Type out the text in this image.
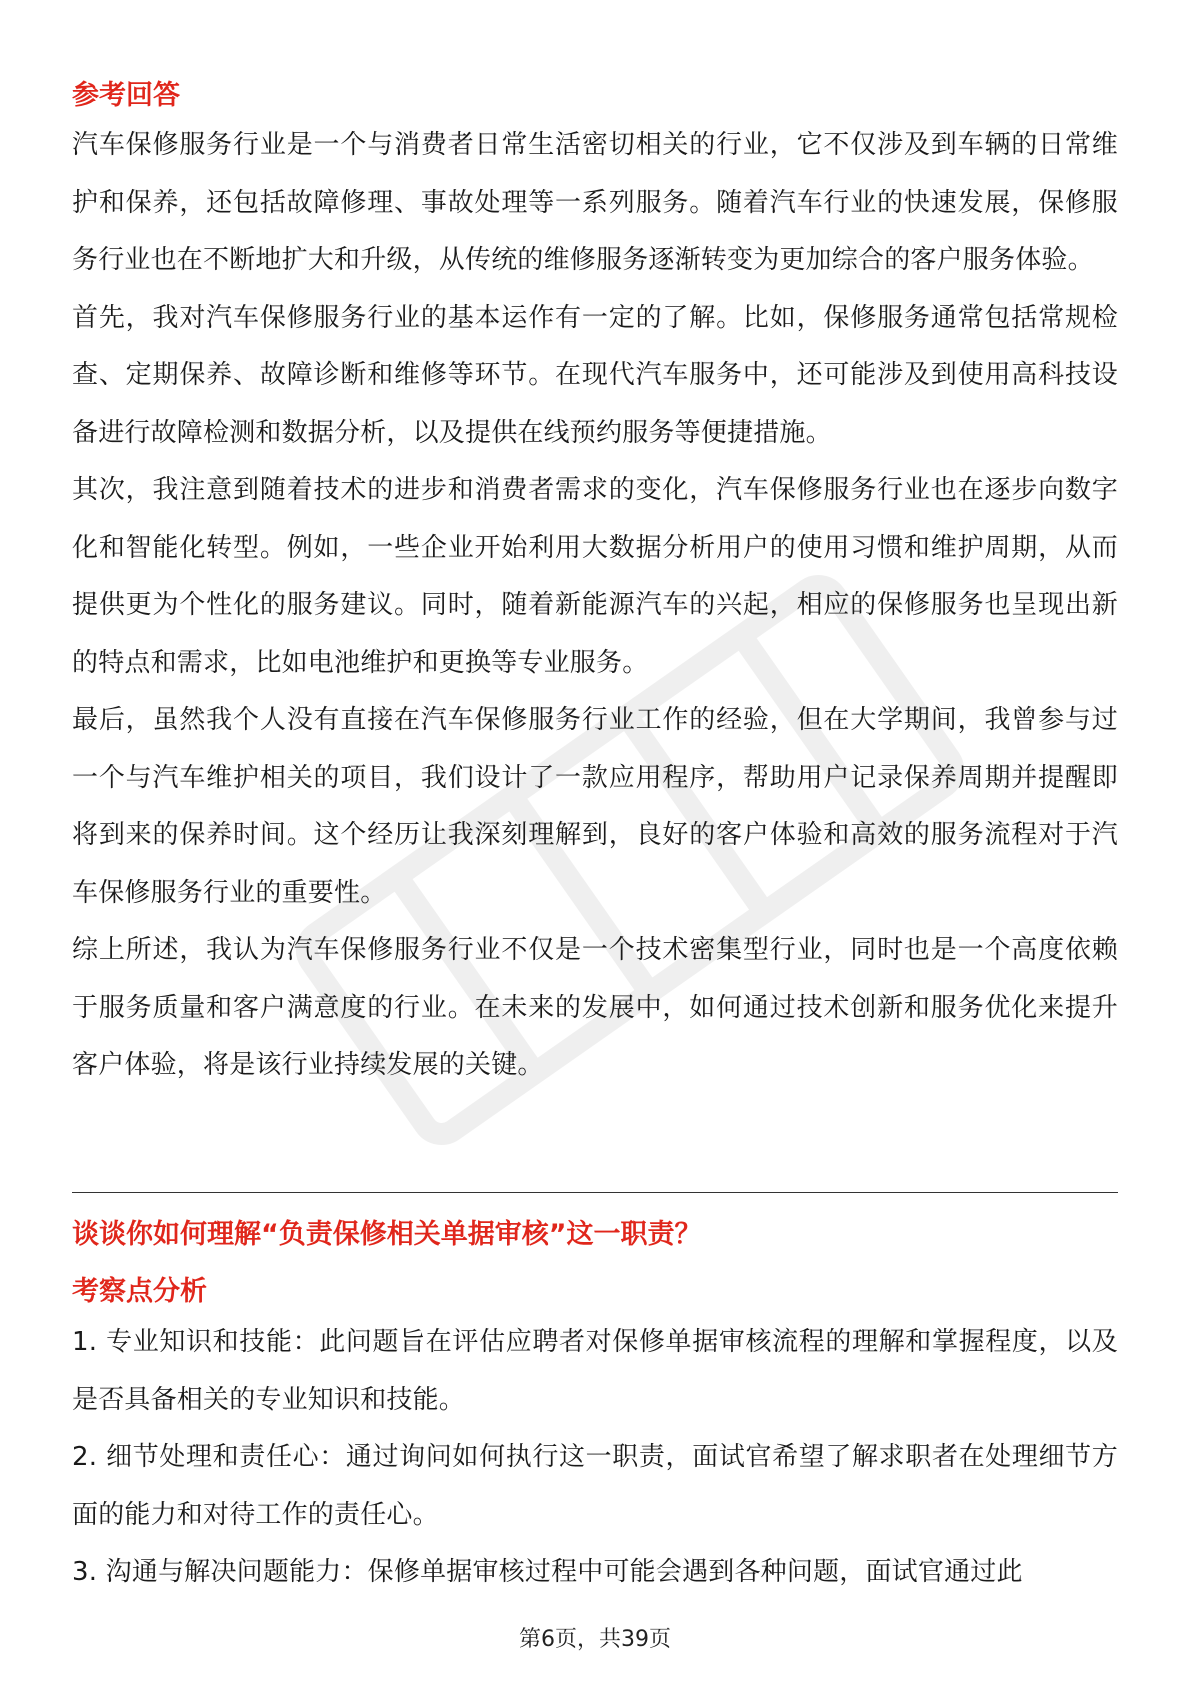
参考回答

汽车保修服务行业是一个与消费者日常生活密切相关的行业，它不仅涉及到车辆的日常维护和保养，还包括故障修理、事故处理等一系列服务。随着汽车行业的快速发展，保修服务行业也在不断地扩大和升级，从传统的维修服务逐渐转变为更加综合的客户服务体验。

首先，我对汽车保修服务行业的基本运作有一定的了解。比如，保修服务通常包括常规检查、定期保养、故障诊断和维修等环节。在现代汽车服务中，还可能涉及到使用高科技设备进行故障检测和数据分析，以及提供在线预约服务等便捷措施。

其次，我注意到随着技术的进步和消费者需求的变化，汽车保修服务行业也在逐步向数字化和智能化转型。例如，一些企业开始利用大数据分析用户的使用习惯和维护周期，从而提供更为个性化的服务建议。同时，随着新能源汽车的兴起，相应的保修服务也呈现出新的特点和需求，比如电池维护和更换等专业服务。

最后，虽然我个人没有直接在汽车保修服务行业工作的经验，但在大学期间，我曾参与过一个与汽车维护相关的项目，我们设计了一款应用程序，帮助用户记录保养周期并提醒即将到来的保养时间。这个经历让我深刻理解到，良好的客户体验和高效的服务流程对于汽车保修服务行业的重要性。

综上所述，我认为汽车保修服务行业不仅是一个技术密集型行业，同时也是一个高度依赖于服务质量和客户满意度的行业。在未来的发展中，如何通过技术创新和服务优化来提升客户体验，将是该行业持续发展的关键。

谈谈你如何理解“负责保修相关单据审核”这一职责？
考察点分析

1. 专业知识和技能：此问题旨在评估应聘者对保修单据审核流程的理解和掌握程度，以及是否具备相关的专业知识和技能。

2. 细节处理和责任心：通过询问如何执行这一职责，面试官希望了解求职者在处理细节方面的能力和对待工作的责任心。

3. 沟通与解决问题能力：保修单据审核过程中可能会遇到各种问题，面试官通过此

第6页，共39页
